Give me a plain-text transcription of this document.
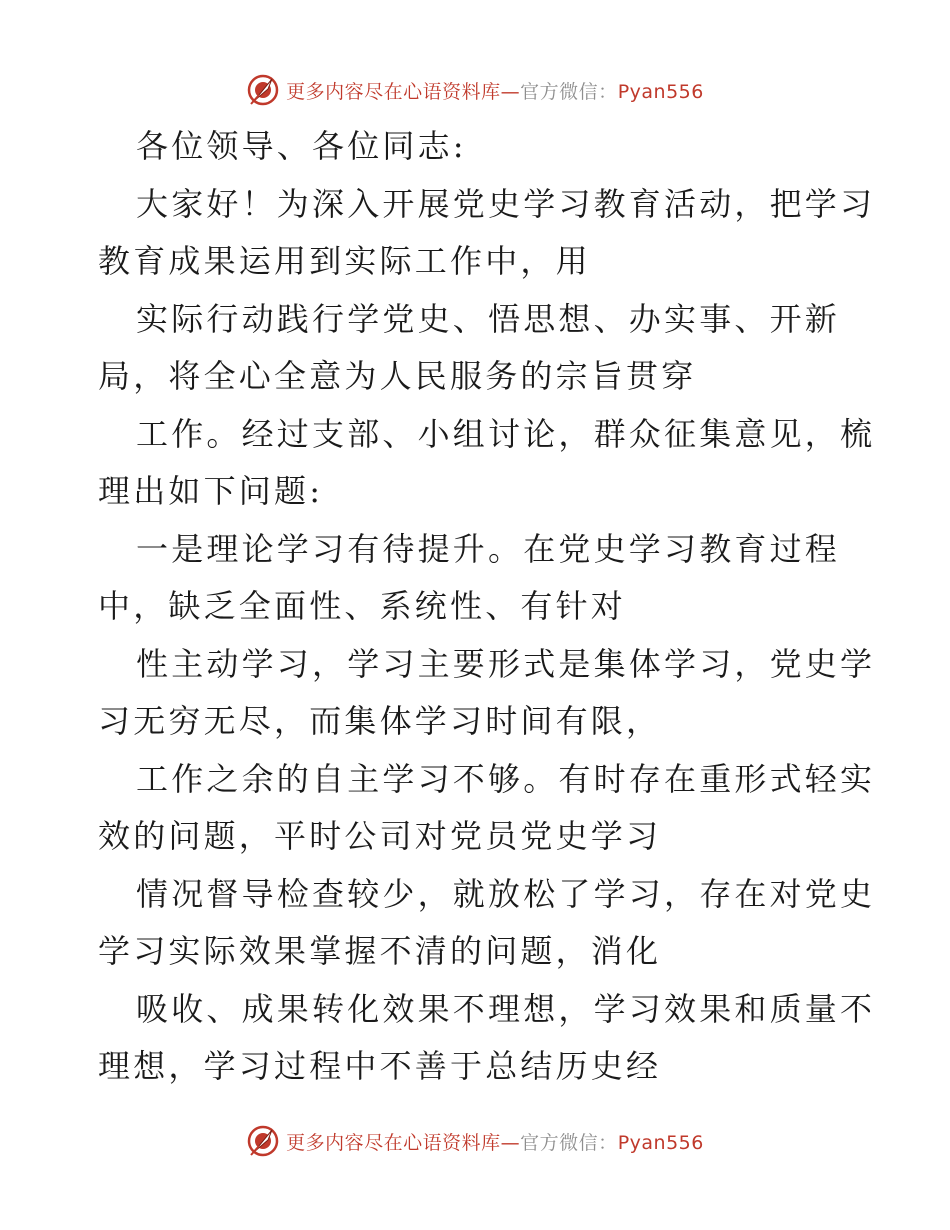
更多内容尽在心语资料库—官方微信：Pyan556
各位领导、各位同志:
大家好！为深入开展党史学习教育活动，把学习
教育成果运用到实际工作中，用
实际行动践行学党史、悟思想、办实事、开新
局，将全心全意为人民服务的宗旨贯穿
工作。经过支部、小组讨论，群众征集意见，梳
理出如下问题:
一是理论学习有待提升。在党史学习教育过程
中，缺乏全面性、系统性、有针对
性主动学习，学习主要形式是集体学习，党史学
习无穷无尽，而集体学习时间有限，
工作之余的自主学习不够。有时存在重形式轻实
效的问题，平时公司对党员党史学习
情况督导检查较少，就放松了学习，存在对党史
学习实际效果掌握不清的问题，消化
吸收、成果转化效果不理想，学习效果和质量不
理想，学习过程中不善于总结历史经
更多内容尽在心语资料库—官方微信：Pyan556
